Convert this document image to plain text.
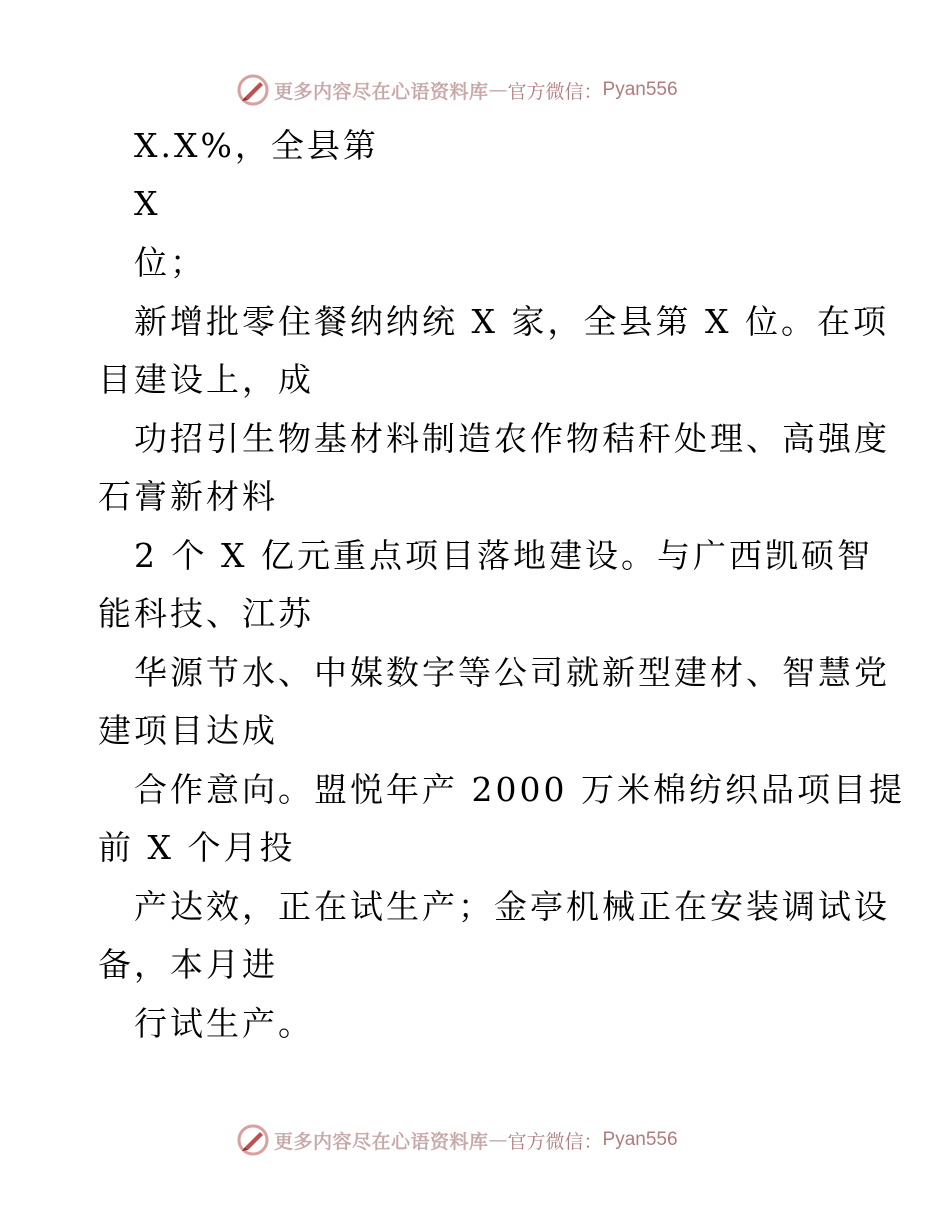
更多内容尽在心语资料库 — 官方微信： Pyan556
X.X%，全县第
X
位；
新增批零住餐纳纳统 X 家，全县第 X 位。在项
目建设上，成
功招引生物基材料制造农作物秸秆处理、高强度
石膏新材料
2 个 X 亿元重点项目落地建设。与广西凯硕智
能科技、江苏
华源节水、中媒数字等公司就新型建材、智慧党
建项目达成
合作意向。盟悦年产 2000 万米棉纺织品项目提
前 X 个月投
产达效，正在试生产；金亭机械正在安装调试设
备，本月进
行试生产。
更多内容尽在心语资料库 — 官方微信： Pyan556
